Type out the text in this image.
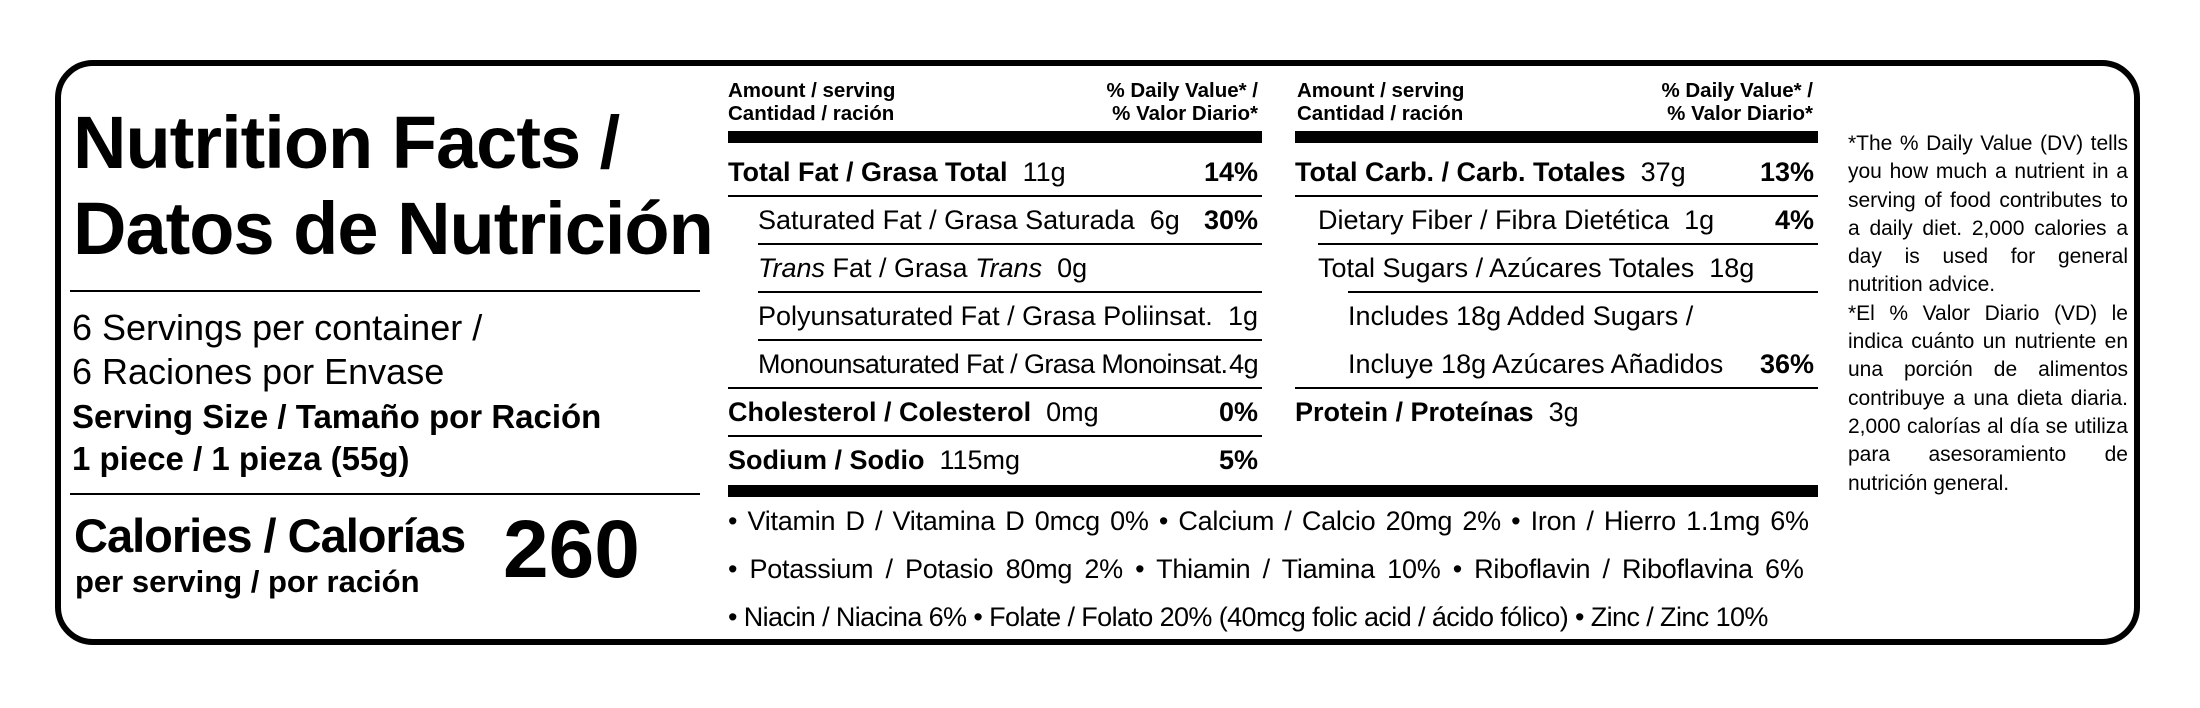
Nutrition Facts /
Datos de Nutrición
6 Servings per container /
6 Raciones por Envase
Serving Size / Tamaño por Ración
1 piece / 1 pieza (55g)
Calories / Calorías
per serving / por ración 260
Amount / serving
Cantidad / ración
% Daily Value* /
% Valor Diario*
Total Fat / Grasa Total 11g	14%
Saturated Fat / Grasa Saturada 6g 30%
Trans Fat / Grasa Trans 0g
Polyunsaturated Fat / Grasa Poliinsat. 1g
Monounsaturated Fat / Grasa Monoinsat. 4g
Cholesterol / Colesterol 0mg	0%
Sodium / Sodio 115mg	5%
Amount / serving
Cantidad / ración
% Daily Value* /
% Valor Diario*
Total Carb. / Carb. Totales 37g	13%
Dietary Fiber / Fibra Dietética 1g 4%
Total Sugars / Azúcares Totales 18g
Includes 18g Added Sugars /
Incluye 18g Azúcares Añadidos 36%
Protein / Proteínas 3g
• Vitamin D / Vitamina D 0mcg 0% • Calcium / Calcio 20mg 2% • Iron / Hierro 1.1mg 6%
• Potassium / Potasio 80mg 2% • Thiamin / Tiamina 10% • Riboflavin / Riboflavina 6%
• Niacin / Niacina 6% • Folate / Folato 20% (40mcg folic acid / ácido fólico) • Zinc / Zinc 10%

*The % Daily Value (DV) tells you how much a nutrient in a serving of food contributes to a daily diet. 2,000 calories a day is used for general nutrition advice.

*El % Valor Diario (VD) le indica cuánto un nutriente en una porción de alimentos contribuye a una dieta diaria. 2,000 calorías al día se utiliza para asesoramiento de nutrición general.
